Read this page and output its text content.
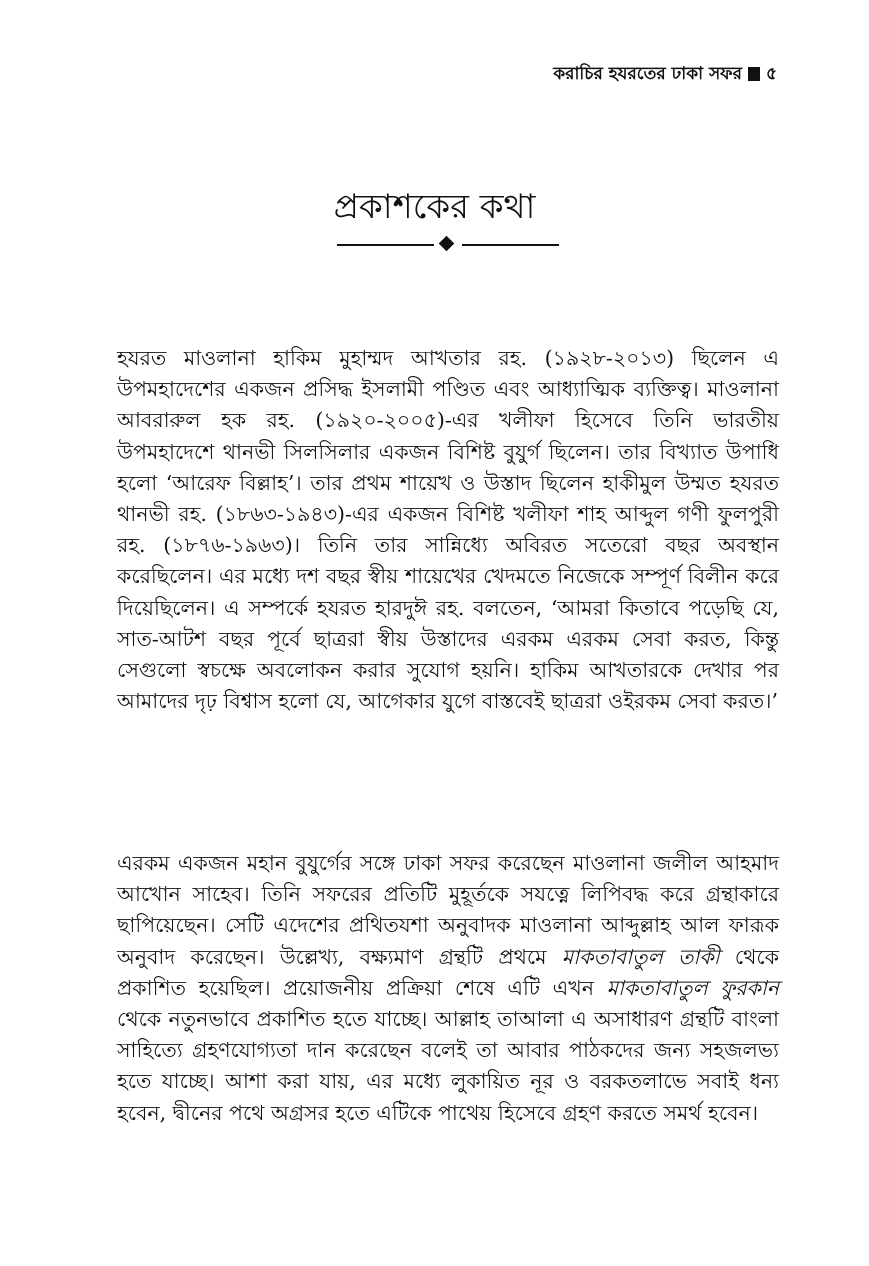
করাচির হযরতের ঢাকা সফর ৫
প্রকাশকের কথা

হযরত মাওলানা হাকিম মুহাম্মদ আখতার রহ. (১৯২৮-২০১৩) ছিলেন এ উপমহাদেশের একজন প্রসিদ্ধ ইসলামী পণ্ডিত এবং আধ্যাত্মিক ব্যক্তিত্ব। মাওলানা আবরারুল হক রহ. (১৯২০-২০০৫)-এর খলীফা হিসেবে তিনি ভারতীয় উপমহাদেশে থানভী সিলসিলার একজন বিশিষ্ট বুযুর্গ ছিলেন। তার বিখ্যাত উপাধি হলো ‘আরেফ বিল্লাহ’। তার প্রথম শায়েখ ও উস্তাদ ছিলেন হাকীমুল উম্মত হযরত থানভী রহ. (১৮৬৩-১৯৪৩)-এর একজন বিশিষ্ট খলীফা শাহ আব্দুল গণী ফুলপুরী রহ. (১৮৭৬-১৯৬৩)। তিনি তার সান্নিধ্যে অবিরত সতেরো বছর অবস্থান করেছিলেন। এর মধ্যে দশ বছর স্বীয় শায়েখের খেদমতে নিজেকে সম্পূর্ণ বিলীন করে দিয়েছিলেন। এ সম্পর্কে হযরত হারদুঈ রহ. বলতেন, ‘আমরা কিতাবে পড়েছি যে, সাত-আটশ বছর পূর্বে ছাত্ররা স্বীয় উস্তাদের এরকম এরকম সেবা করত, কিন্তু সেগুলো স্বচক্ষে অবলোকন করার সুযোগ হয়নি। হাকিম আখতারকে দেখার পর আমাদের দৃঢ় বিশ্বাস হলো যে, আগেকার যুগে বাস্তবেই ছাত্ররা ওইরকম সেবা করত।’

এরকম একজন মহান বুযুর্গের সঙ্গে ঢাকা সফর করেছেন মাওলানা জলীল আহমাদ আখোন সাহেব। তিনি সফরের প্রতিটি মুহূর্তকে সযত্নে লিপিবদ্ধ করে গ্রন্থাকারে ছাপিয়েছেন। সেটি এদেশের প্রথিতযশা অনুবাদক মাওলানা আব্দুল্লাহ আল ফারূক অনুবাদ করেছেন। উল্লেখ্য, বক্ষ্যমাণ গ্রন্থটি প্রথমে মাকতাবাতুল তাকী থেকে প্রকাশিত হয়েছিল। প্রয়োজনীয় প্রক্রিয়া শেষে এটি এখন মাকতাবাতুল ফুরকান থেকে নতুনভাবে প্রকাশিত হতে যাচ্ছে। আল্লাহ তাআলা এ অসাধারণ গ্রন্থটি বাংলা সাহিত্যে গ্রহণযোগ্যতা দান করেছেন বলেই তা আবার পাঠকদের জন্য সহজলভ্য হতে যাচ্ছে। আশা করা যায়, এর মধ্যে লুকায়িত নূর ও বরকতলাভে সবাই ধন্য হবেন, দ্বীনের পথে অগ্রসর হতে এটিকে পাথেয় হিসেবে গ্রহণ করতে সমর্থ হবেন।
